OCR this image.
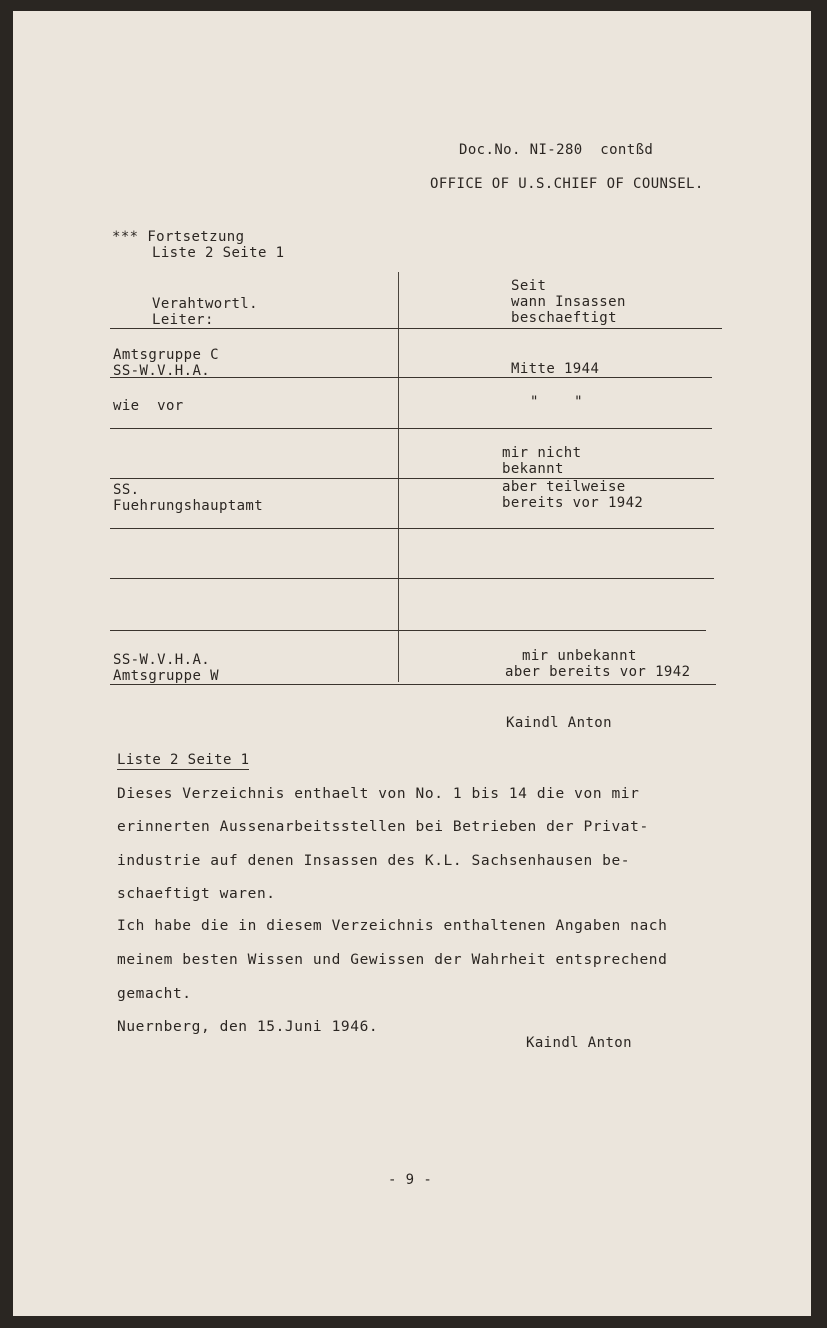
Doc.No. NI-280  contßd
OFFICE OF U.S.CHIEF OF COUNSEL.
*** Fortsetzung
Liste 2 Seite 1
Verahtwortl.
Leiter:
Seit
wann Insassen
beschaeftigt
Amtsgruppe C
SS-W.V.H.A.	Mitte 1944
wie  vor	"    "
SS.
Fuehrungshauptamt
mir nicht
bekannt
aber teilweise
bereits vor 1942
SS-W.V.H.A.
Amtsgruppe W
mir unbekannt
aber bereits vor 1942
Kaindl Anton
Liste 2 Seite 1
Dieses Verzeichnis enthaelt von No. 1 bis 14 die von mir
erinnerten Aussenarbeitsstellen bei Betrieben der Privat-
industrie auf denen Insassen des K.L. Sachsenhausen be-
schaeftigt waren.
Ich habe die in diesem Verzeichnis enthaltenen Angaben nach
meinem besten Wissen und Gewissen der Wahrheit entsprechend
gemacht.
Nuernberg, den 15.Juni 1946.
Kaindl Anton
- 9 -
